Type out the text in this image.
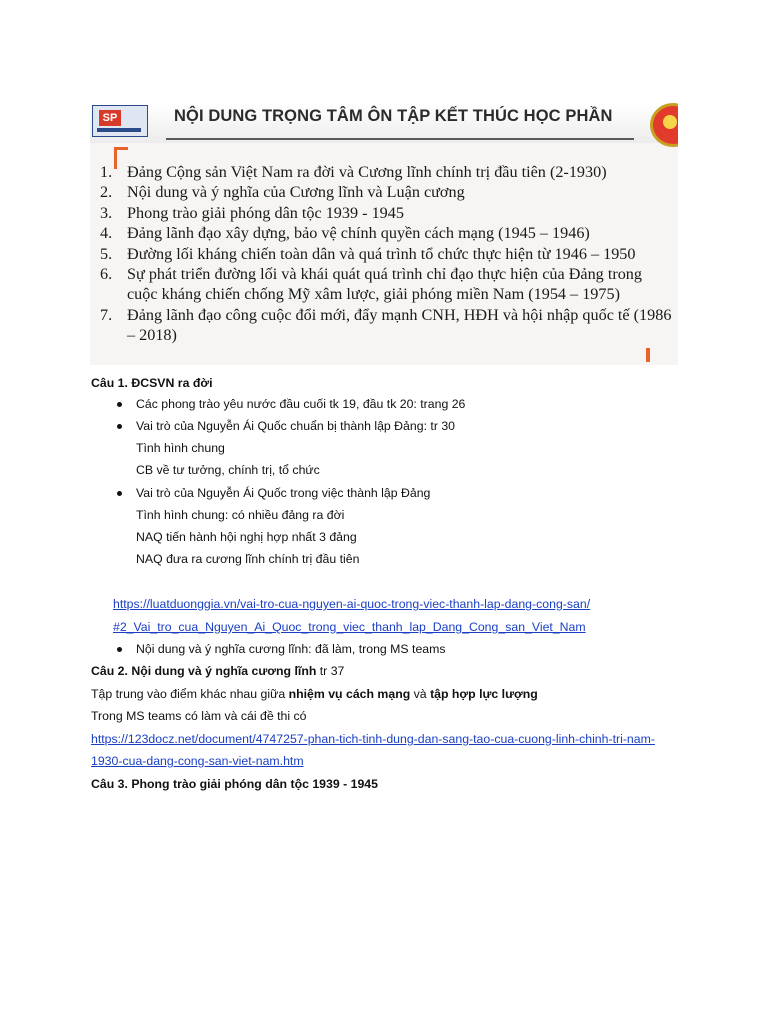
SP	NỘI DUNG TRỌNG TÂM ÔN TẬP KẾT THÚC HỌC PHẦN
1. Đảng Cộng sản Việt Nam ra đời và Cương lĩnh chính trị đầu tiên (2-1930)
2. Nội dung và ý nghĩa của Cương lĩnh và Luận cương
3. Phong trào giải phóng dân tộc 1939 - 1945
4. Đảng lãnh đạo xây dựng, bảo vệ chính quyền cách mạng (1945 – 1946)
5. Đường lối kháng chiến toàn dân và quá trình tổ chức thực hiện từ 1946 – 1950
6. Sự phát triển đường lối và khái quát quá trình chỉ đạo thực hiện của Đảng trong cuộc kháng chiến chống Mỹ xâm lược, giải phóng miền Nam (1954 – 1975)
7. Đảng lãnh đạo công cuộc đổi mới, đẩy mạnh CNH, HĐH và hội nhập quốc tế (1986 – 2018)
Câu 1. ĐCSVN ra đời
Các phong trào yêu nước đầu cuối tk 19, đầu tk 20: trang 26
Vai trò của Nguyễn Ái Quốc chuẩn bị thành lập Đảng: tr 30
Tình hình chung
CB về tư tưởng, chính trị, tổ chức
Vai trò của Nguyễn Ái Quốc trong việc thành lập Đảng
Tình hình chung: có nhiều đảng ra đời
NAQ tiến hành hội nghị hợp nhất 3 đảng
NAQ đưa ra cương lĩnh chính trị đầu tiên
https://luatduonggia.vn/vai-tro-cua-nguyen-ai-quoc-trong-viec-thanh-lap-dang-cong-san/
#2_Vai_tro_cua_Nguyen_Ai_Quoc_trong_viec_thanh_lap_Dang_Cong_san_Viet_Nam
Nội dung và ý nghĩa cương lĩnh: đã làm, trong MS teams
Câu 2. Nội dung và ý nghĩa cương lĩnh tr 37
Tập trung vào điểm khác nhau giữa nhiệm vụ cách mạng và tập hợp lực lượng
Trong MS teams có làm và cái đề thi có
https://123docz.net/document/4747257-phan-tich-tinh-dung-dan-sang-tao-cua-cuong-linh-chinh-tri-nam-
1930-cua-dang-cong-san-viet-nam.htm
Câu 3. Phong trào giải phóng dân tộc 1939 - 1945
